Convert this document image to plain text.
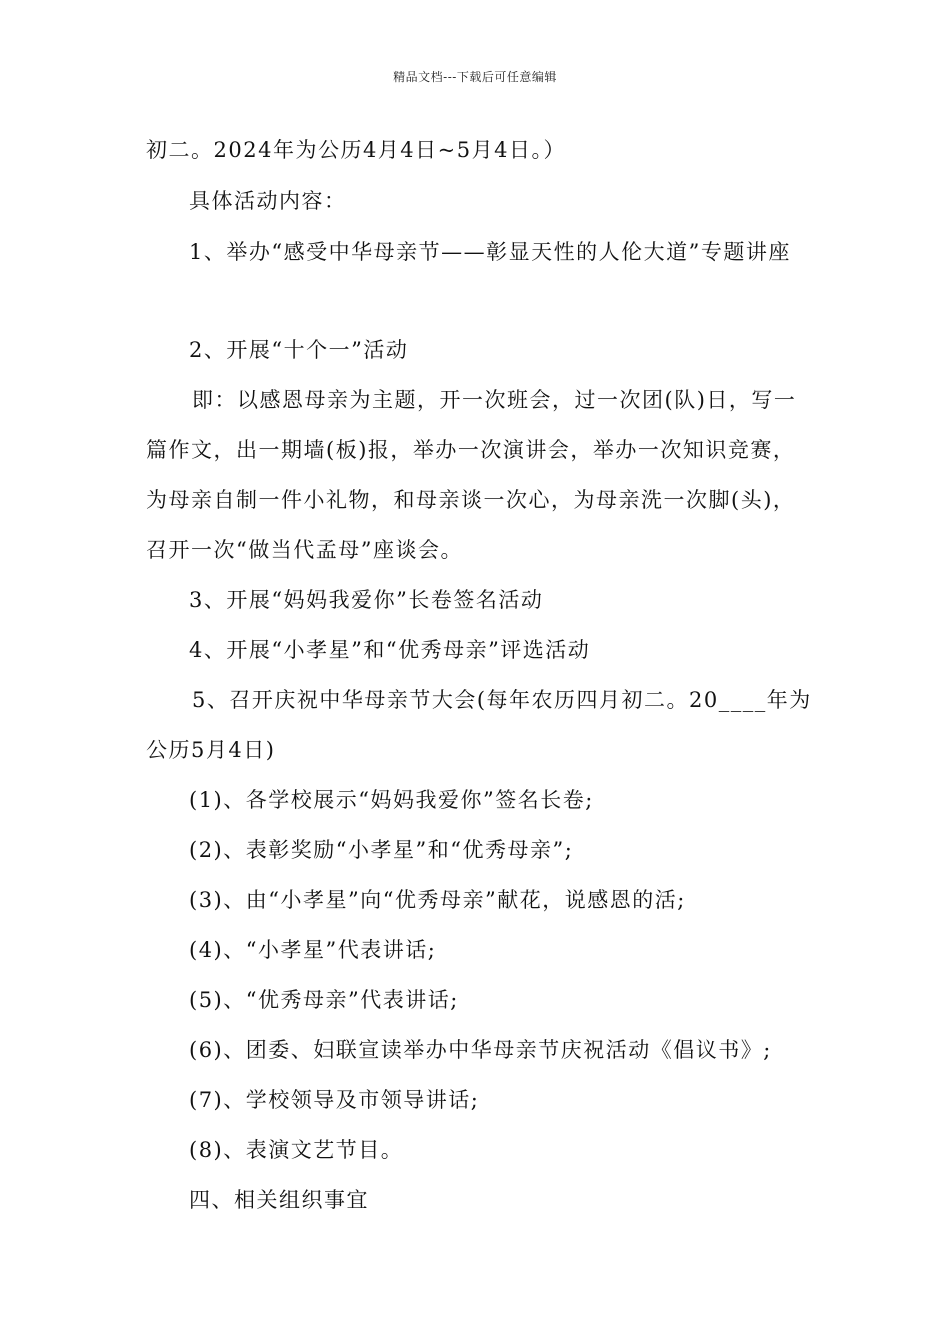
精品文档---下载后可任意编辑
初二。2024年为公历4月4日~5月4日。）
具体活动内容：
1、举办“感受中华母亲节——彰显天性的人伦大道”专题讲座
2、开展“十个一”活动
即：以感恩母亲为主题，开一次班会，过一次团(队)日，写一
篇作文，出一期墙(板)报，举办一次演讲会，举办一次知识竞赛，
为母亲自制一件小礼物，和母亲谈一次心，为母亲洗一次脚(头)，
召开一次“做当代孟母”座谈会。
3、开展“妈妈我爱你”长卷签名活动
4、开展“小孝星”和“优秀母亲”评选活动
5、召开庆祝中华母亲节大会(每年农历四月初二。20____年为
公历5月4日)
(1)、各学校展示“妈妈我爱你”签名长卷;
(2)、表彰奖励“小孝星”和“优秀母亲”;
(3)、由“小孝星”向“优秀母亲”献花，说感恩的活;
(4)、“小孝星”代表讲话;
(5)、“优秀母亲”代表讲话;
(6)、团委、妇联宣读举办中华母亲节庆祝活动《倡议书》;
(7)、学校领导及市领导讲话;
(8)、表演文艺节目。
四、相关组织事宜
